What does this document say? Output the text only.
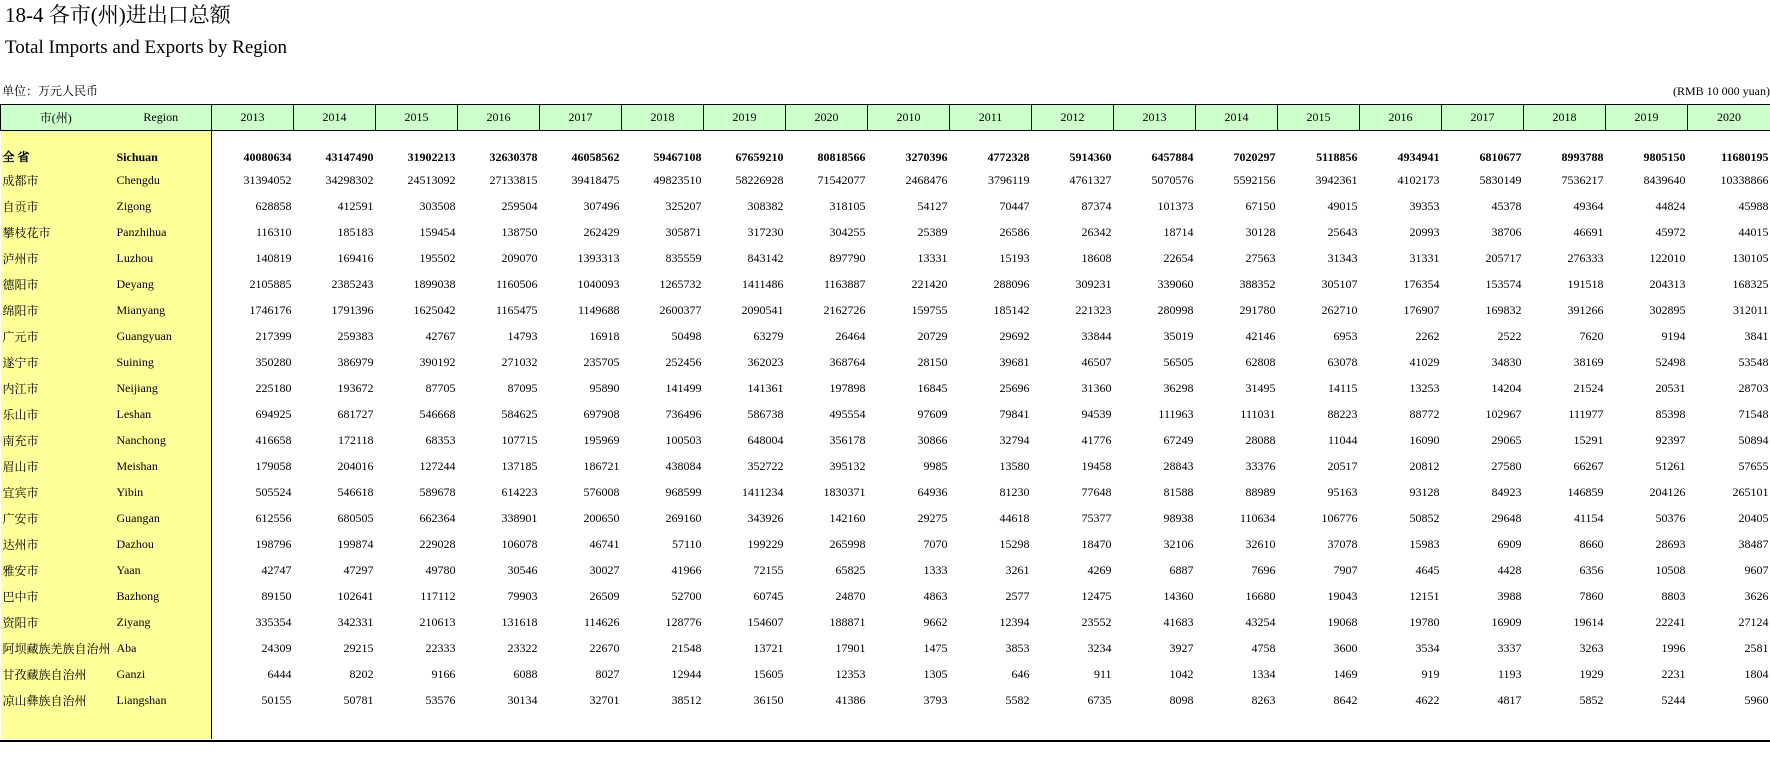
18-4 各市(州)进出口总额
Total Imports and Exports by Region
单位：万元人民币	(RMB 10 000 yuan)
市(州)	Region	2013	2014	2015	2016	2017	2018	2019	2020	2010	2011	2012	2013	2014	2015	2016	2017	2018	2019	2020
全 省	Sichuan	40080634	43147490	31902213	32630378	46058562	59467108	67659210	80818566	3270396	4772328	5914360	6457884	7020297	5118856	4934941	6810677	8993788	9805150	11680195
成都市	Chengdu	31394052	34298302	24513092	27133815	39418475	49823510	58226928	71542077	2468476	3796119	4761327	5070576	5592156	3942361	4102173	5830149	7536217	8439640	10338866
自贡市	Zigong	628858	412591	303508	259504	307496	325207	308382	318105	54127	70447	87374	101373	67150	49015	39353	45378	49364	44824	45988
攀枝花市	Panzhihua	116310	185183	159454	138750	262429	305871	317230	304255	25389	26586	26342	18714	30128	25643	20993	38706	46691	45972	44015
泸州市	Luzhou	140819	169416	195502	209070	1393313	835559	843142	897790	13331	15193	18608	22654	27563	31343	31331	205717	276333	122010	130105
德阳市	Deyang	2105885	2385243	1899038	1160506	1040093	1265732	1411486	1163887	221420	288096	309231	339060	388352	305107	176354	153574	191518	204313	168325
绵阳市	Mianyang	1746176	1791396	1625042	1165475	1149688	2600377	2090541	2162726	159755	185142	221323	280998	291780	262710	176907	169832	391266	302895	312011
广元市	Guangyuan	217399	259383	42767	14793	16918	50498	63279	26464	20729	29692	33844	35019	42146	6953	2262	2522	7620	9194	3841
遂宁市	Suining	350280	386979	390192	271032	235705	252456	362023	368764	28150	39681	46507	56505	62808	63078	41029	34830	38169	52498	53548
内江市	Neijiang	225180	193672	87705	87095	95890	141499	141361	197898	16845	25696	31360	36298	31495	14115	13253	14204	21524	20531	28703
乐山市	Leshan	694925	681727	546668	584625	697908	736496	586738	495554	97609	79841	94539	111963	111031	88223	88772	102967	111977	85398	71548
南充市	Nanchong	416658	172118	68353	107715	195969	100503	648004	356178	30866	32794	41776	67249	28088	11044	16090	29065	15291	92397	50894
眉山市	Meishan	179058	204016	127244	137185	186721	438084	352722	395132	9985	13580	19458	28843	33376	20517	20812	27580	66267	51261	57655
宜宾市	Yibin	505524	546618	589678	614223	576008	968599	1411234	1830371	64936	81230	77648	81588	88989	95163	93128	84923	146859	204126	265101
广安市	Guangan	612556	680505	662364	338901	200650	269160	343926	142160	29275	44618	75377	98938	110634	106776	50852	29648	41154	50376	20405
达州市	Dazhou	198796	199874	229028	106078	46741	57110	199229	265998	7070	15298	18470	32106	32610	37078	15983	6909	8660	28693	38487
雅安市	Yaan	42747	47297	49780	30546	30027	41966	72155	65825	1333	3261	4269	6887	7696	7907	4645	4428	6356	10508	9607
巴中市	Bazhong	89150	102641	117112	79903	26509	52700	60745	24870	4863	2577	12475	14360	16680	19043	12151	3988	7860	8803	3626
资阳市	Ziyang	335354	342331	210613	131618	114626	128776	154607	188871	9662	12394	23552	41683	43254	19068	19780	16909	19614	22241	27124
阿坝藏族羌族自治州	Aba	24309	29215	22333	23322	22670	21548	13721	17901	1475	3853	3234	3927	4758	3600	3534	3337	3263	1996	2581
甘孜藏族自治州	Ganzi	6444	8202	9166	6088	8027	12944	15605	12353	1305	646	911	1042	1334	1469	919	1193	1929	2231	1804
凉山彝族自治州	Liangshan	50155	50781	53576	30134	32701	38512	36150	41386	3793	5582	6735	8098	8263	8642	4622	4817	5852	5244	5960
